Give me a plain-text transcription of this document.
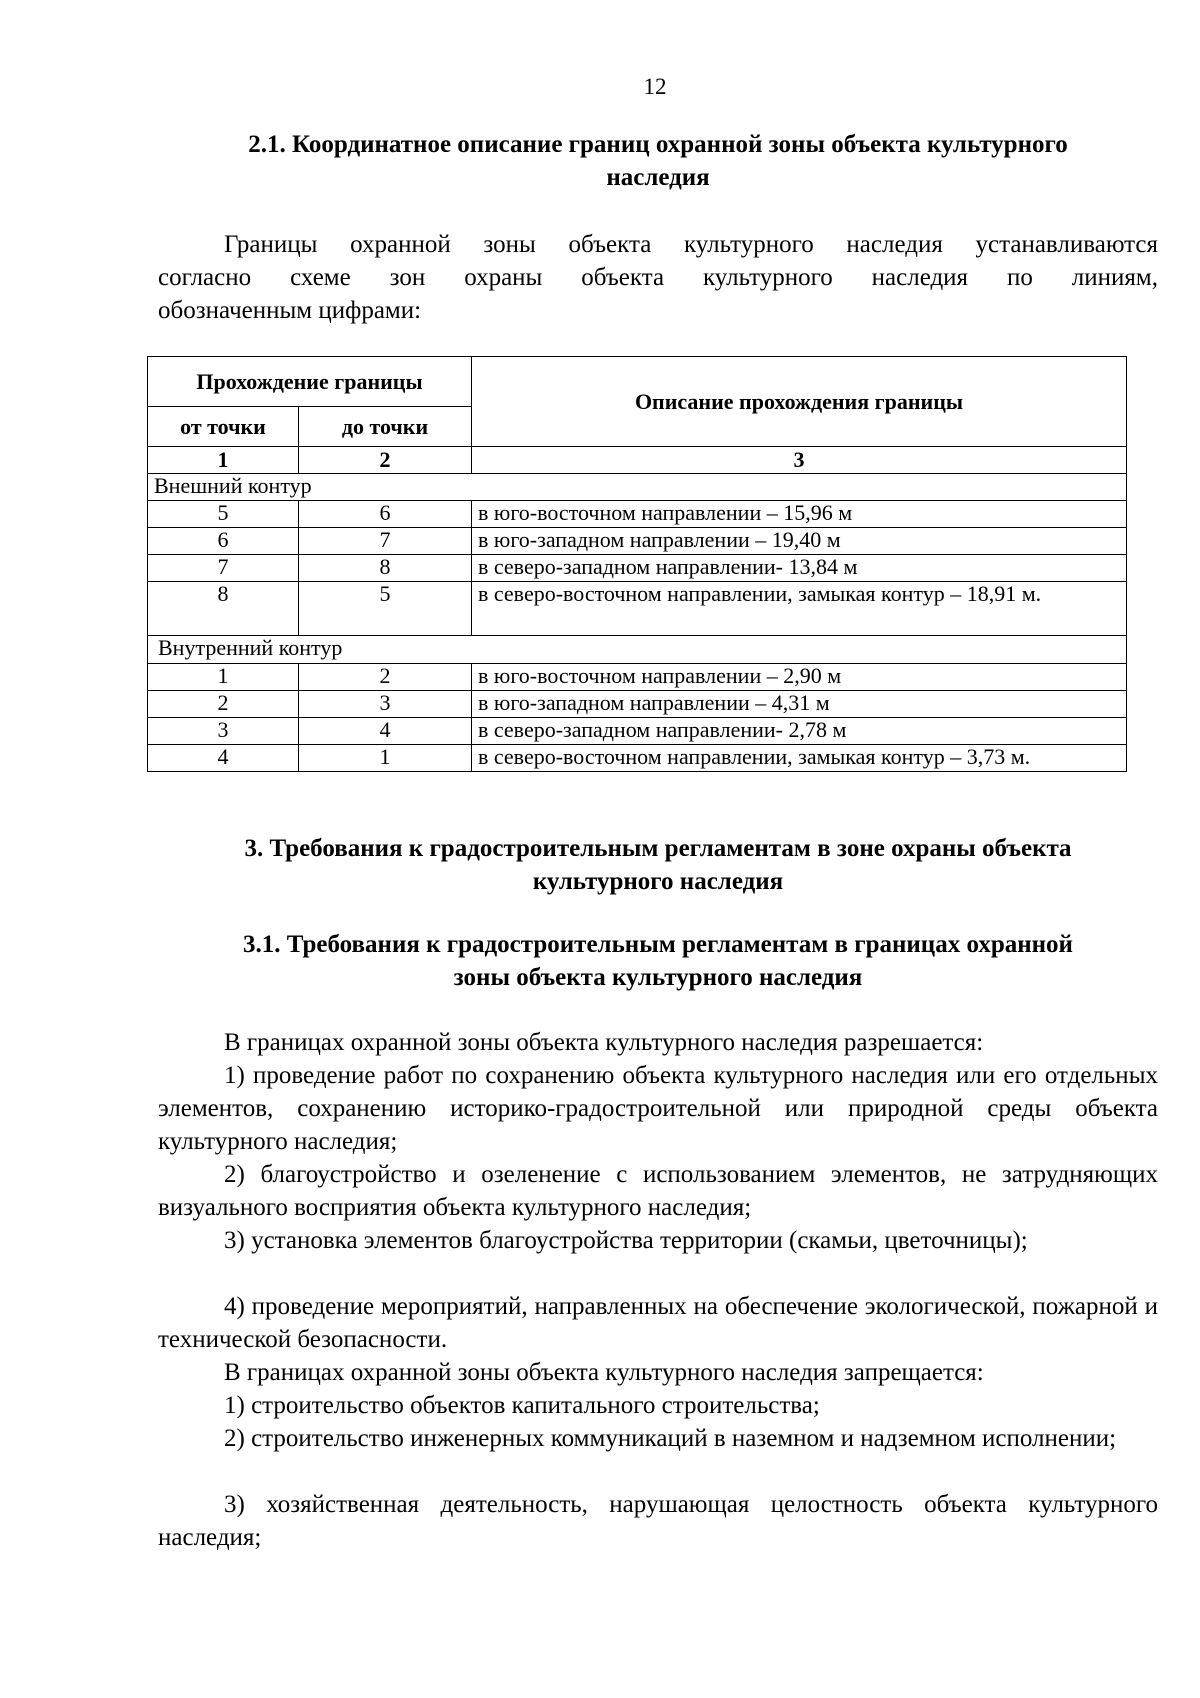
12
2.1. Координатное описание границ охранной зоны объекта культурного
наследия
Границы охранной зоны объекта культурного наследия устанавливаются
согласно схеме зон охраны объекта культурного наследия по линиям,
обозначенным цифрами:
Прохождение границы		Описание прохождения границы
от точки	до точки	
1	2	3
Внешний контур		
5	6	в юго-восточном направлении – 15,96 м
6	7	в юго-западном направлении – 19,40 м
7	8	в северо-западном направлении- 13,84 м
8	5	в северо-восточном направлении, замыкая контур – 18,91 м.
Внутренний контур		
1	2	в юго-восточном направлении – 2,90 м
2	3	в юго-западном направлении – 4,31 м
3	4	в северо-западном направлении- 2,78 м
4	1	в северо-восточном направлении, замыкая контур – 3,73 м.
3. Требования к градостроительным регламентам в зоне охраны объекта
культурного наследия
3.1. Требования к градостроительным регламентам в границах охранной
зоны объекта культурного наследия
В границах охранной зоны объекта культурного наследия разрешается:
1) проведение работ по сохранению объекта культурного наследия или его отдельных элементов, сохранению историко-градостроительной или природной среды объекта культурного наследия;
2) благоустройство и озеленение с использованием элементов, не затрудняющих визуального восприятия объекта культурного наследия;
3) установка элементов благоустройства территории (скамьи, цветочницы);
4) проведение мероприятий, направленных на обеспечение экологической, пожарной и технической безопасности.
В границах охранной зоны объекта культурного наследия запрещается:
1) строительство объектов капитального строительства;
2) строительство инженерных коммуникаций в наземном и надземном исполнении;
3) хозяйственная деятельность, нарушающая целостность объекта культурного наследия;
